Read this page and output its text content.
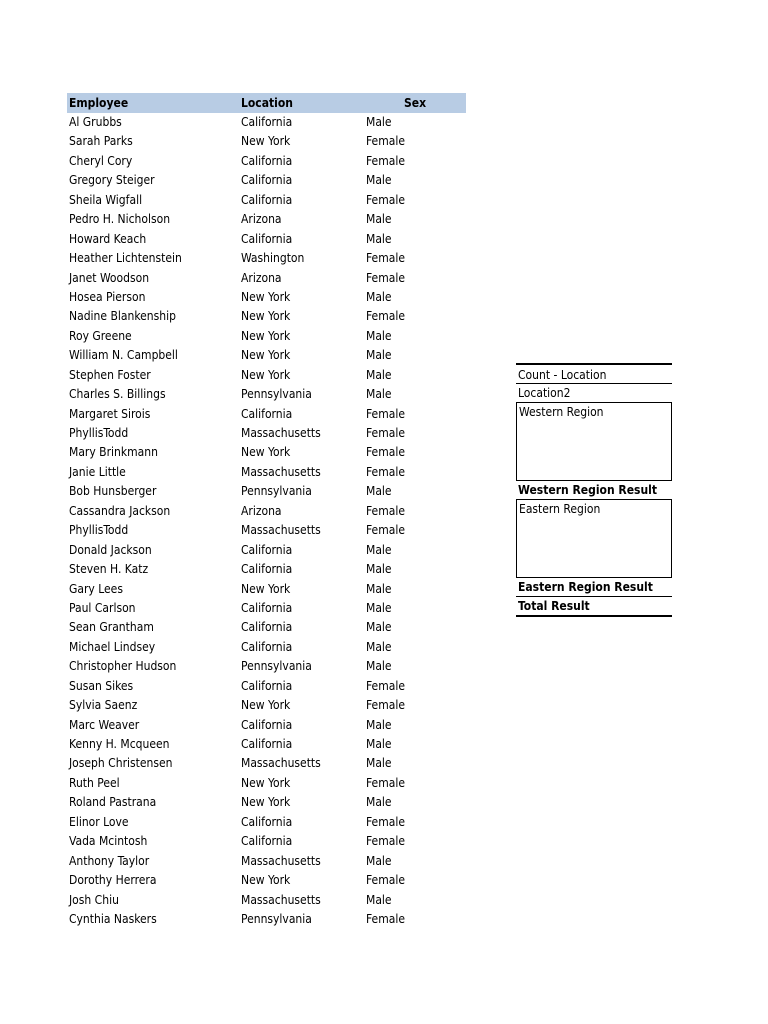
Employee	Location	Sex
Al Grubbs	California	Male
Sarah Parks	New York	Female
Cheryl Cory	California	Female
Gregory Steiger	California	Male
Sheila Wigfall	California	Female
Pedro H. Nicholson	Arizona	Male
Howard Keach	California	Male
Heather Lichtenstein	Washington	Female
Janet Woodson	Arizona	Female
Hosea Pierson	New York	Male
Nadine Blankenship	New York	Female
Roy Greene	New York	Male
William N. Campbell	New York	Male
Stephen Foster	New York	Male
Charles S. Billings	Pennsylvania	Male
Margaret Sirois	California	Female
PhyllisTodd	Massachusetts	Female
Mary Brinkmann	New York	Female
Janie Little	Massachusetts	Female
Bob Hunsberger	Pennsylvania	Male
Cassandra Jackson	Arizona	Female
PhyllisTodd	Massachusetts	Female
Donald Jackson	California	Male
Steven H. Katz	California	Male
Gary Lees	New York	Male
Paul Carlson	California	Male
Sean Grantham	California	Male
Michael Lindsey	California	Male
Christopher Hudson	Pennsylvania	Male
Susan Sikes	California	Female
Sylvia Saenz	New York	Female
Marc Weaver	California	Male
Kenny H. Mcqueen	California	Male
Joseph Christensen	Massachusetts	Male
Ruth Peel	New York	Female
Roland Pastrana	New York	Male
Elinor Love	California	Female
Vada Mcintosh	California	Female
Anthony Taylor	Massachusetts	Male
Dorothy Herrera	New York	Female
Josh Chiu	Massachusetts	Male
Cynthia Naskers	Pennsylvania	Female
Count - Location
Location2
Western Region
Western Region Result
Eastern Region
Eastern Region Result
Total Result
